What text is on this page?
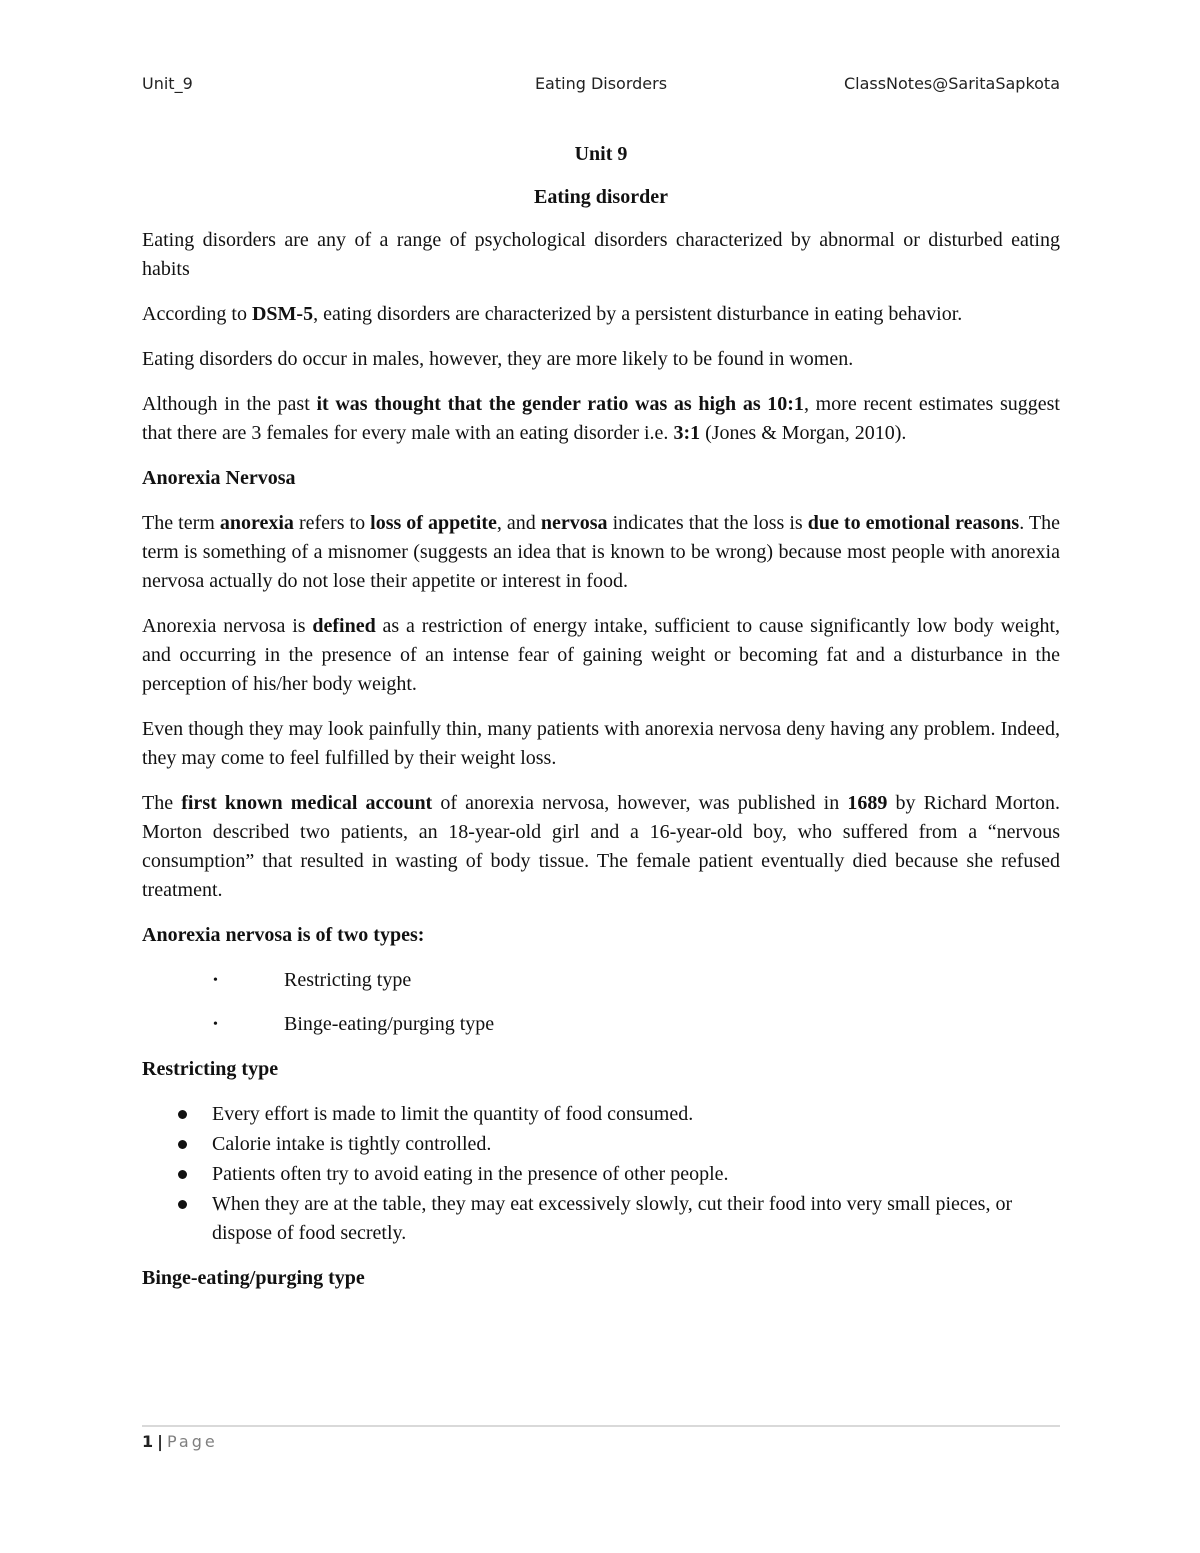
Unit_9	Eating Disorders	ClassNotes@SaritaSapkota

Unit 9

Eating disorder

Eating disorders are any of a range of psychological disorders characterized by abnormal or disturbed eating habits

According to DSM-5, eating disorders are characterized by a persistent disturbance in eating behavior.

Eating disorders do occur in males, however, they are more likely to be found in women.

Although in the past it was thought that the gender ratio was as high as 10:1, more recent estimates suggest that there are 3 females for every male with an eating disorder i.e. 3:1 (Jones & Morgan, 2010).

Anorexia Nervosa

The term anorexia refers to loss of appetite, and nervosa indicates that the loss is due to emotional reasons. The term is something of a misnomer (suggests an idea that is known to be wrong) because most people with anorexia nervosa actually do not lose their appetite or interest in food.

Anorexia nervosa is defined as a restriction of energy intake, sufficient to cause significantly low body weight, and occurring in the presence of an intense fear of gaining weight or becoming fat and a disturbance in the perception of his/her body weight.

Even though they may look painfully thin, many patients with anorexia nervosa deny having any problem. Indeed, they may come to feel fulfilled by their weight loss.

The first known medical account of anorexia nervosa, however, was published in 1689 by Richard Morton. Morton described two patients, an 18-year-old girl and a 16-year-old boy, who suffered from a “nervous consumption” that resulted in wasting of body tissue. The female patient eventually died because she refused treatment.

Anorexia nervosa is of two types:

•	Restricting type
•	Binge-eating/purging type

Restricting type

Every effort is made to limit the quantity of food consumed.
Calorie intake is tightly controlled.
Patients often try to avoid eating in the presence of other people.
When they are at the table, they may eat excessively slowly, cut their food into very small pieces, or dispose of food secretly.

Binge-eating/purging type

1 | Page
